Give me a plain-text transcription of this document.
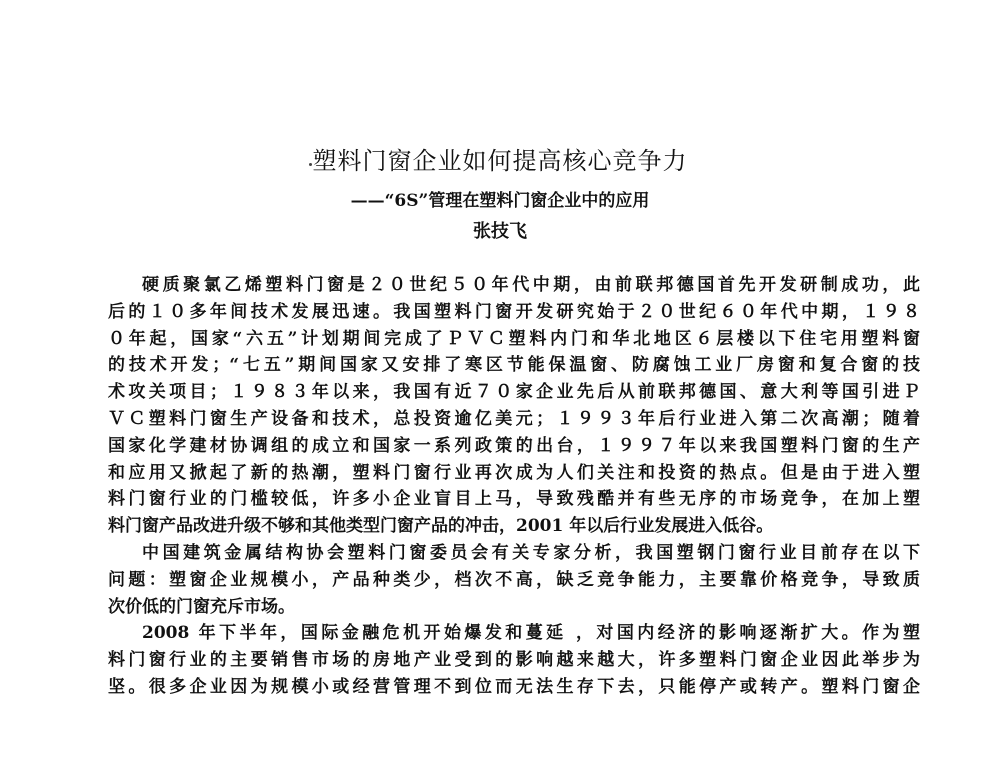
塑料门窗企业如何提高核心竞争力
——“6S”管理在塑料门窗企业中的应用
张技飞
硬质聚氯乙烯塑料门窗是２０世纪５０年代中期，由前联邦德国首先开发研制成功，此
后的１０多年间技术发展迅速。我国塑料门窗开发研究始于２０世纪６０年代中期，１９８
０年起，国家“六五”计划期间完成了ＰＶＣ塑料内门和华北地区６层楼以下住宅用塑料窗
的技术开发；“七五”期间国家又安排了寒区节能保温窗、防腐蚀工业厂房窗和复合窗的技
术攻关项目；１９８３年以来，我国有近７０家企业先后从前联邦德国、意大利等国引进Ｐ
ＶＣ塑料门窗生产设备和技术，总投资逾亿美元；１９９３年后行业进入第二次高潮；随着
国家化学建材协调组的成立和国家一系列政策的出台，１９９７年以来我国塑料门窗的生产
和应用又掀起了新的热潮，塑料门窗行业再次成为人们关注和投资的热点。但是由于进入塑
料门窗行业的门槛较低，许多小企业盲目上马，导致残酷并有些无序的市场竞争，在加上塑
料门窗产品改进升级不够和其他类型门窗产品的冲击，2001 年以后行业发展进入低谷。
中国建筑金属结构协会塑料门窗委员会有关专家分析，我国塑钢门窗行业目前存在以下
问题：塑窗企业规模小，产品种类少，档次不高，缺乏竞争能力，主要靠价格竞争，导致质
次价低的门窗充斥市场。
2008 年下半年，国际金融危机开始爆发和蔓延 ，对国内经济的影响逐渐扩大。作为塑
料门窗行业的主要销售市场的房地产业受到的影响越来越大，许多塑料门窗企业因此举步为
坚。很多企业因为规模小或经营管理不到位而无法生存下去，只能停产或转产。塑料门窗企
